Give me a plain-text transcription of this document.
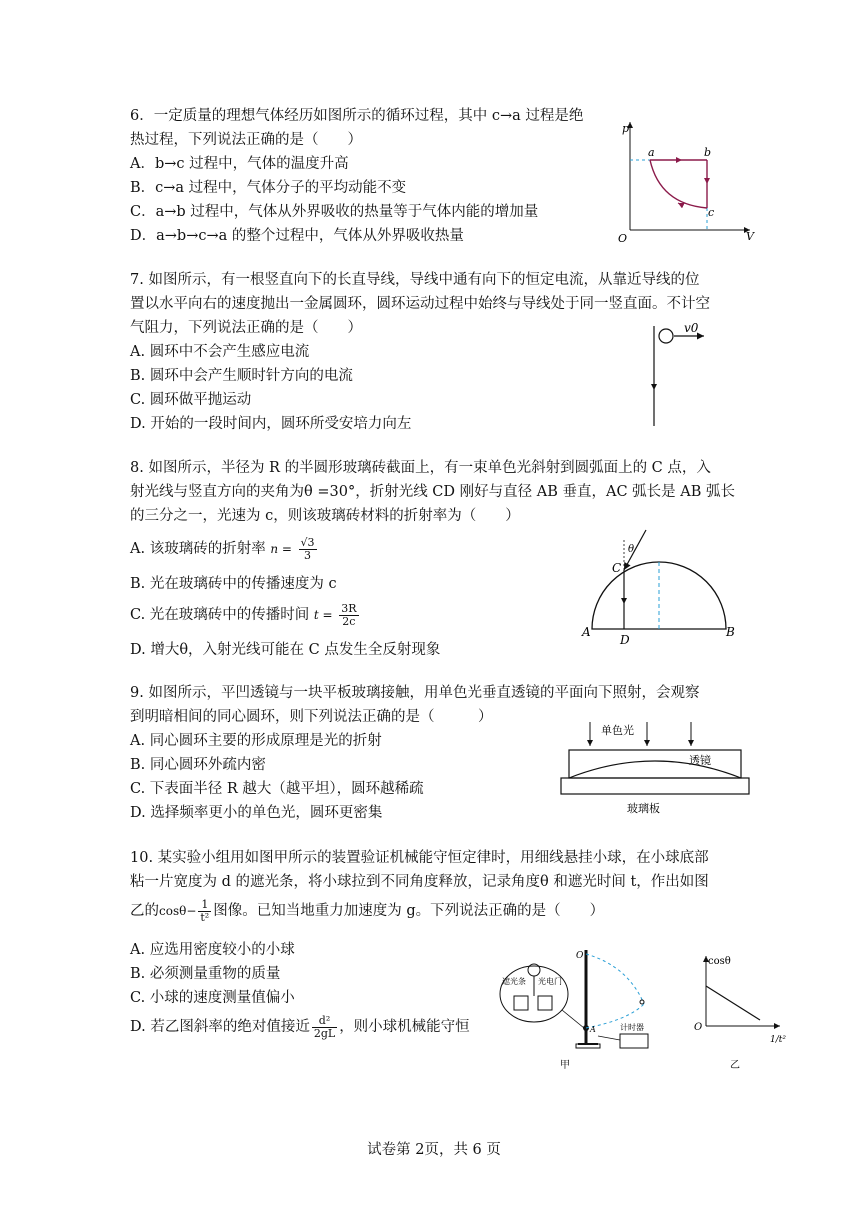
6．一定质量的理想气体经历如图所示的循环过程，其中 c→a 过程是绝
热过程，下列说法正确的是（　　）
A．b→c 过程中，气体的温度升高
B．c→a 过程中，气体分子的平均动能不变
C．a→b 过程中，气体从外界吸收的热量等于气体内能的增加量
D．a→b→c→a 的整个过程中，气体从外界吸收热量
p
V
O
a	b
c
7. 如图所示，有一根竖直向下的长直导线，导线中通有向下的恒定电流，从靠近导线的位
置以水平向右的速度抛出一金属圆环，圆环运动过程中始终与导线处于同一竖直面。不计空
气阻力，下列说法正确的是（　　）
A. 圆环中不会产生感应电流
B. 圆环中会产生顺时针方向的电流
C. 圆环做平抛运动
D. 开始的一段时间内，圆环所受安培力向左
v0
8. 如图所示，半径为 R 的半圆形玻璃砖截面上，有一束单色光斜射到圆弧面上的 C 点，入
射光线与竖直方向的夹角为θ =30°，折射光线 CD 刚好与直径 AB 垂直，AC 弧长是 AB 弧长
的三分之一，光速为 c，则该玻璃砖材料的折射率为（　　）
A. 该玻璃砖的折射率 $n = \frac{√3}{3}$
B. 光在玻璃砖中的传播速度为 c
C. 光在玻璃砖中的传播时间 $t = \frac{3R}{2c}$
D. 增大θ，入射光线可能在 C 点发生全反射现象
θ
C
A	B
D
9. 如图所示，平凹透镜与一块平板玻璃接触，用单色光垂直透镜的平面向下照射，会观察
到明暗相间的同心圆环，则下列说法正确的是（　　　）
A. 同心圆环主要的形成原理是光的折射
B. 同心圆环外疏内密
C. 下表面半径 R 越大（越平坦），圆环越稀疏
D. 选择频率更小的单色光，圆环更密集
单色光
透镜
玻璃板
10. 某实验小组用如图甲所示的装置验证机械能守恒定律时，用细线悬挂小球，在小球底部
粘一片宽度为 d 的遮光条，将小球拉到不同角度释放，记录角度θ 和遮光时间 t，作出如图
乙的$\cos\theta- \frac{1}{\text{t²}}$ 图像。已知当地重力加速度为 g。下列说法正确的是（　　）
A. 应选用密度较小的小球
B. 必须测量重物的质量
C. 小球的速度测量值偏小
D. 若乙图斜率的绝对值接近 $\frac{\text{d²}}{2gL}$ ，则小球机械能守恒
O
A
遮光条 光电门
计时器
甲
cosθ
O
1/t²
乙
试卷第 2页，共 6 页
